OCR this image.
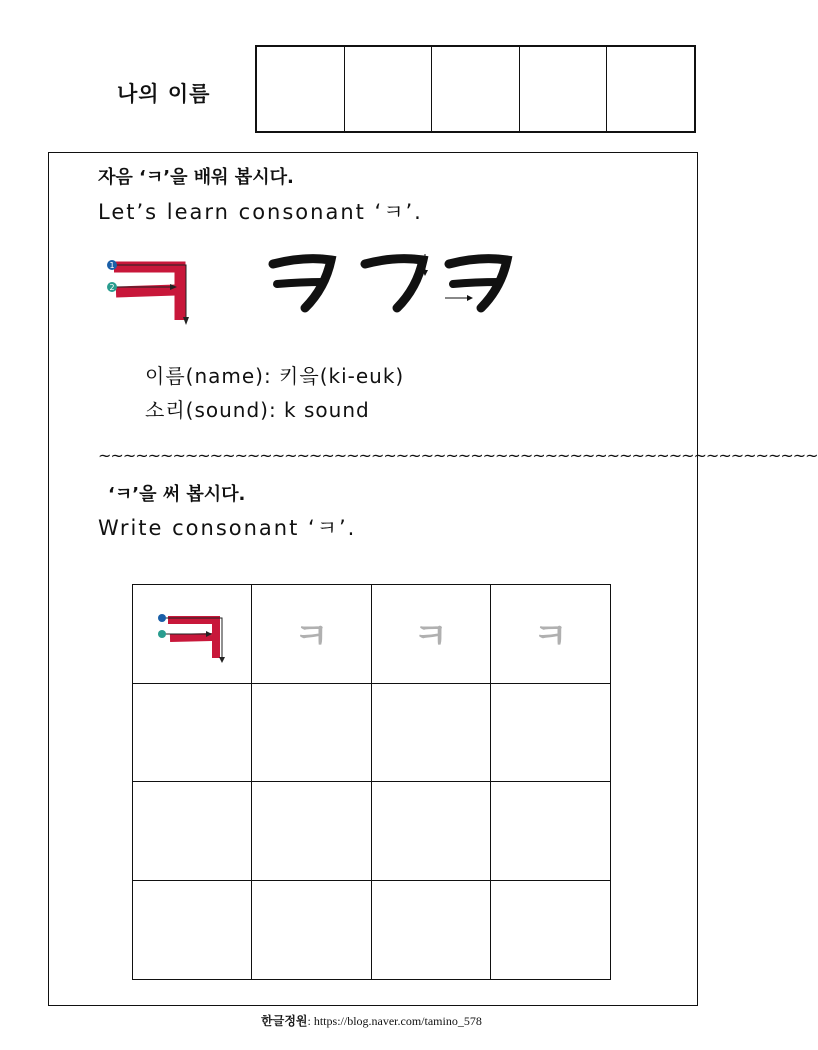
나의 이름
자음 ‘ㅋ’을 배워 봅시다.
Let’s learn consonant ‘ㅋ’.
1
2
이름(name): 키읔(ki-euk)
소리(sound): k sound
~~~~~~~~~~~~~~~~~~~~~~~~~~~~~~~~~~~~~~~~~~~~~~~~~~~~~~~~~~
‘ㅋ’을 써 봅시다.
Write consonant ‘ㅋ’.
ㅋ ㅋ ㅋ
한글정원: https://blog.naver.com/tamino_578
